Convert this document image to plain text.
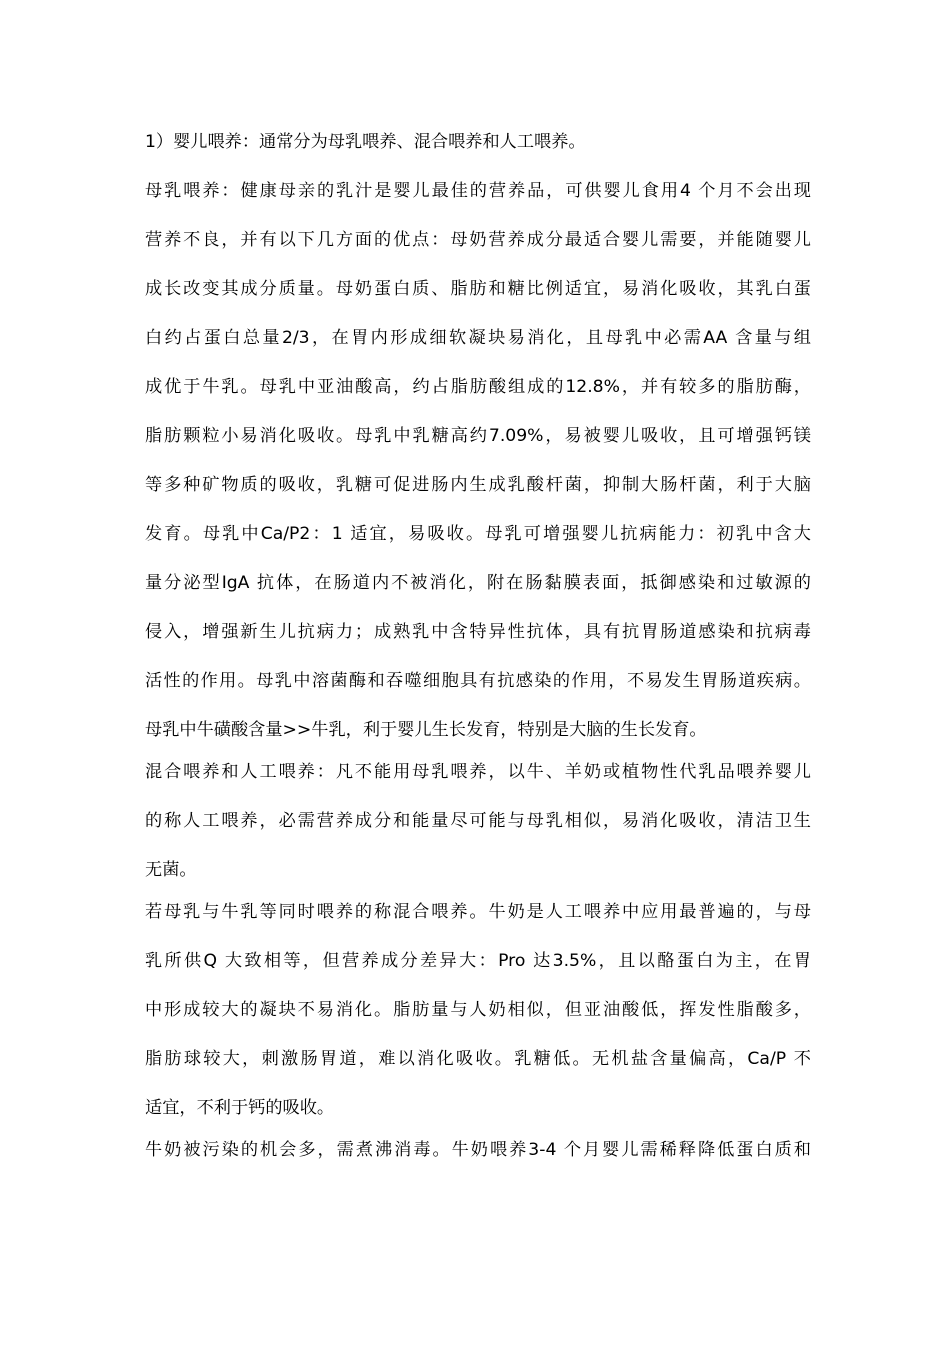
1）婴儿喂养：通常分为母乳喂养、混合喂养和人工喂养。
母乳喂养：健康母亲的乳汁是婴儿最佳的营养品，可供婴儿食用4 个月不会出现
营养不良，并有以下几方面的优点：母奶营养成分最适合婴儿需要，并能随婴儿
成长改变其成分质量。母奶蛋白质、脂肪和糖比例适宜，易消化吸收，其乳白蛋
白约占蛋白总量2/3，在胃内形成细软凝块易消化，且母乳中必需AA 含量与组
成优于牛乳。母乳中亚油酸高，约占脂肪酸组成的12.8%，并有较多的脂肪酶，
脂肪颗粒小易消化吸收。母乳中乳糖高约7.09%，易被婴儿吸收，且可增强钙镁
等多种矿物质的吸收，乳糖可促进肠内生成乳酸杆菌，抑制大肠杆菌，利于大脑
发育。母乳中Ca/P2：1 适宜，易吸收。母乳可增强婴儿抗病能力：初乳中含大
量分泌型IgA 抗体，在肠道内不被消化，附在肠黏膜表面，抵御感染和过敏源的
侵入，增强新生儿抗病力；成熟乳中含特异性抗体，具有抗胃肠道感染和抗病毒
活性的作用。母乳中溶菌酶和吞噬细胞具有抗感染的作用，不易发生胃肠道疾病。
母乳中牛磺酸含量>>牛乳，利于婴儿生长发育，特别是大脑的生长发育。
混合喂养和人工喂养：凡不能用母乳喂养，以牛、羊奶或植物性代乳品喂养婴儿
的称人工喂养，必需营养成分和能量尽可能与母乳相似，易消化吸收，清洁卫生
无菌。
若母乳与牛乳等同时喂养的称混合喂养。牛奶是人工喂养中应用最普遍的，与母
乳所供Q 大致相等，但营养成分差异大：Pro 达3.5%，且以酪蛋白为主，在胃
中形成较大的凝块不易消化。脂肪量与人奶相似，但亚油酸低，挥发性脂酸多，
脂肪球较大，刺激肠胃道，难以消化吸收。乳糖低。无机盐含量偏高，Ca/P 不
适宜，不利于钙的吸收。
牛奶被污染的机会多，需煮沸消毒。牛奶喂养3-4 个月婴儿需稀释降低蛋白质和
